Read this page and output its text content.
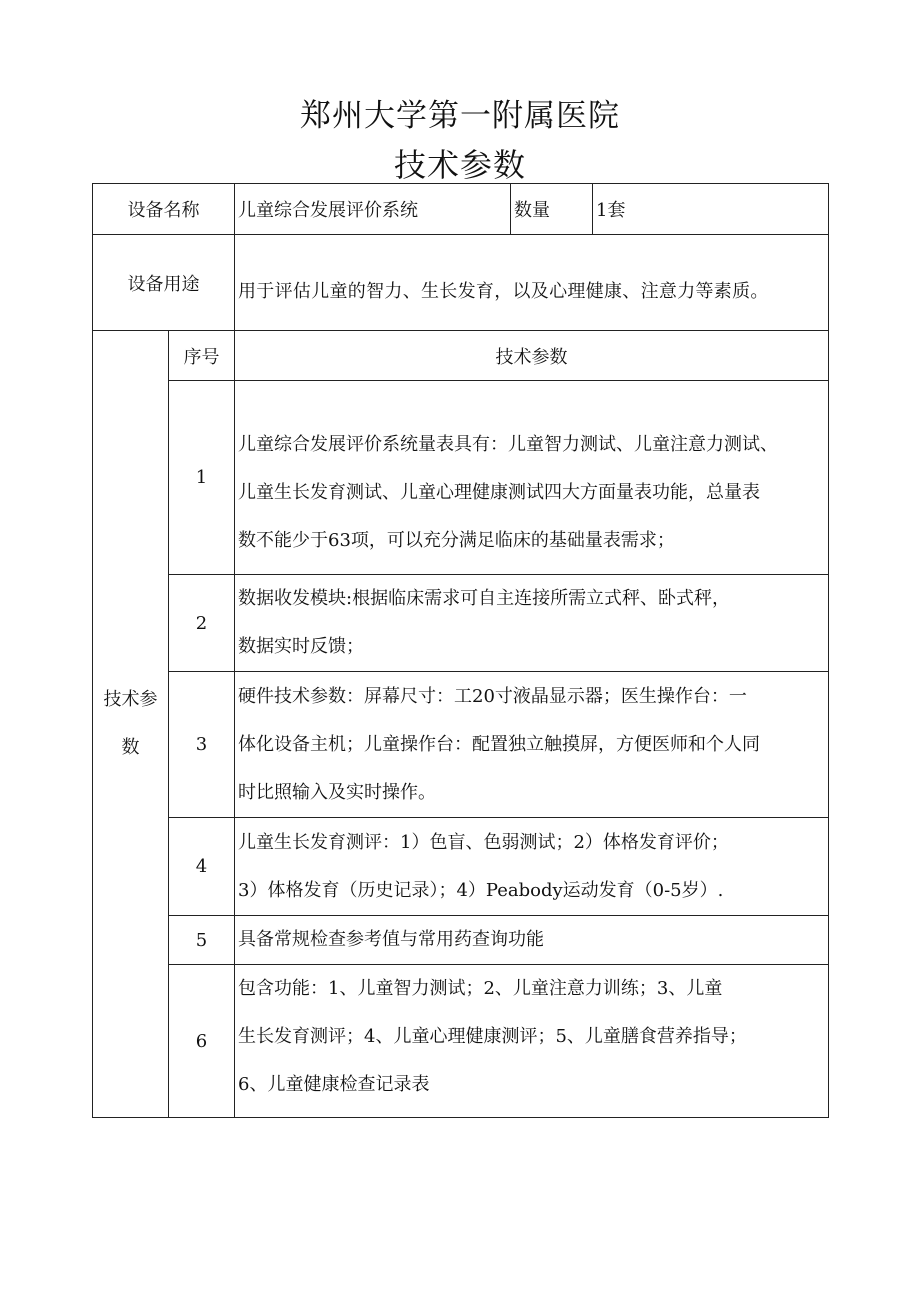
郑州大学第一附属医院
技术参数
设备名称		儿童综合发展评价系统	数量	1套
设备用途		用于评估儿童的智力、生长发育，以及心理健康、注意力等素质。		

技术参
数	序号	技术参数		
	1	儿童综合发展评价系统量表具有：儿童智力测试、儿童注意力测试、
儿童生长发育测试、儿童心理健康测试四大方面量表功能，总量表
数不能少于63项，可以充分满足临床的基础量表需求；		

	2	数据收发模块:根据临床需求可自主连接所需立式秤、卧式秤，
数据实时反馈；		

	3	硬件技术参数：屏幕尺寸：工20寸液晶显示器；医生操作台：一
体化设备主机；儿童操作台：配置独立触摸屏，方便医师和个人同
时比照输入及实时操作。		

	4	儿童生长发育测评：1）色盲、色弱测试；2）体格发育评价；
3）体格发育（历史记录）；4）Peabody运动发育（0-5岁）.		

	5	具备常规检查参考值与常用药查询功能		

	6	包含功能：1、儿童智力测试；2、儿童注意力训练；3、儿童
生长发育测评；4、儿童心理健康测评；5、儿童膳食营养指导；
6、儿童健康检查记录表		
